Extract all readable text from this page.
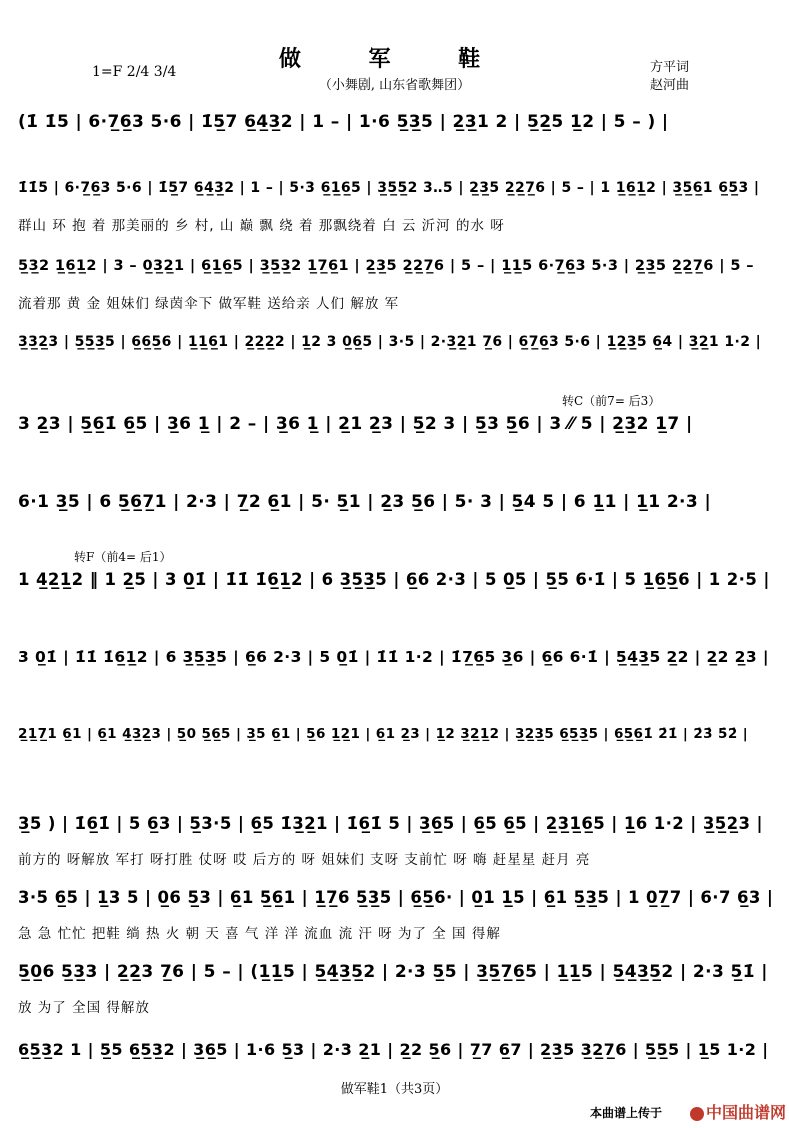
做 军 鞋
（小舞剧, 山东省歌舞团）
1=F 2/4 3/4	方平词
赵河曲
转C（前7= 后3）
转F（前4= 后1）
(1̇ 1̇5 | 6·7̲6̲3 5·6 | 1̇5̲7 6̲4̲3̲2 | 1 – | 1·6 5̲3̲5 | 2̲3̲1 2 | 5̲2̲5 1̲2 | 5 – ) |
1̇1̇5 | 6·7̲6̲3 5·6 | 1̇5̲7 6̲4̲3̲2 | 1 – | 5·3 6̲1̲6̲5 | 3̲5̲5̲2 3‥5 | 2̲3̲5 2̲2̲7̲6 | 5 – | 1 1̲6̲1̲2 | 3̲5̲6̲1 6̲5̲3 |
群山 环 抱 着 那美丽的 乡 村, 山 巅 飘 绕 着 那飘绕着 白 云 沂河 的水 呀
5̲3̲2 1̲6̲1̲2 | 3 – 0̲3̲2̲1 | 6̲1̲6̲5 | 3̲5̲3̲2 1̲7̲6̲1 | 2̲3̲5 2̲2̲7̲6 | 5 – | 1̲1̲5 6·7̲6̲3 5·3 | 2̲3̲5 2̲2̲7̲6 | 5 –
流着那 黄 金 姐妹们 绿茵伞下 做军鞋 送给亲 人们 解放 军
3̲3̲2̲3 | 5̲5̲3̲5 | 6̲6̲5̲6 | 1̲1̲6̲1 | 2̲2̲2̲2 | 1̲2 3 0̲6̲5 | 3·5 | 2·3̲2̲1 7̲6 | 6̲7̲6̲3 5·6 | 1̲2̲3̲5 6̲4 | 3̲2̲1 1·2 |
3 2̲3 | 5̲6̲1̇ 6̲5 | 3̲6 1̲ | 2 – | 3̲6 1̲ | 2̲1 2̲3 | 5̲2 3 | 5̲3 5̲6 | 3 ⁄⁄ 5 | 2̲3̲2 1̲7 |
6·1 3̲5 | 6 5̲6̲7̲1 | 2·3 | 7̲2 6̲1 | 5· 5̲1 | 2̲3 5̲6 | 5· 3 | 5̲4 5 | 6 1̲1 | 1̲1 2·3 |
1 4̲2̲1̲2 ‖ 1 2̲5 | 3 0̲1̇ | 1̇1̇ 1̇6̲1̲2 | 6 3̲5̲3̲5 | 6̲6 2·3 | 5 0̲5 | 5̲5 6·1̇ | 5 1̲6̲5̲6 | 1 2·5 |
3 0̲1̇ | 1̇1̇ 1̇6̲1̲2 | 6 3̲5̲3̲5 | 6̲6 2·3 | 5 0̲1̇ | 1̇1̇ 1·2 | 1̇7̲6̲5 3̲6 | 6̲6 6·1̇ | 5̲4̲3̲5 2̲2 | 2̲2 2̲3 |
2̲1̲7̲1 6̲1 | 6̲1 4̲3̲2̲3 | 5̲0 5̲6̲5 | 3̲5 6̲1 | 5̲6 1̲2̲1 | 6̲1 2̲3 | 1̲2 3̲2̲1̲2 | 3̲2̲3̲5 6̲5̲3̲5 | 6̲5̲6̲1̇ 2̇1̇ | 2̇3̇ 5̇2̇ |
3̲5 ) | 1̇6̲1̇ | 5 6̲3 | 5̲3·5 | 6̲5 1̇3̲2̲1 | 1̇6̲1̇ 5 | 3̲6̲5 | 6̲5 6̲5 | 2̲3̲1̲6̲5 | 1̲6 1·2 | 3̲5̲2̲3 |
前方的 呀解放 军打 呀打胜 仗呀 哎 后方的 呀 姐妹们 支呀 支前忙 呀 嗨 赶星星 赶月 亮
3·5 6̲5 | 1̲3 5 | 0̲6 5̲3 | 6̲1 5̲6̲1 | 1̲7̲6 5̲3̲5 | 6̲5̲6· | 0̲1 1̲5 | 6̲1 5̲3̲5 | 1 0̲7̲7 | 6·7 6̲3 |
急 急 忙忙 把鞋 绱 热 火 朝 天 喜 气 洋 洋 流血 流 汗 呀 为了 全 国 得解
5̲0̲6 5̲3̲3 | 2̲2̲3 7̲6 | 5 – | (1̲1̲5 | 5̲4̲3̲5̲2 | 2·3 5̲5 | 3̲5̲7̲6̲5 | 1̲1̲5 | 5̲4̲3̲5̲2 | 2·3 5̲1̇ |
放 为了 全国 得解放
6̲5̲3̲2 1 | 5̲5 6̲5̲3̲2 | 3̲6̲5 | 1·6 5̲3 | 2·3 2̲1 | 2̲2 5̲6 | 7̲7 6̲7 | 2̲3̲5 3̲2̲7̲6 | 5̲5̲5 | 1̲5 1·2 |
做军鞋1（共3页）
本曲谱上传于	中国曲谱网
